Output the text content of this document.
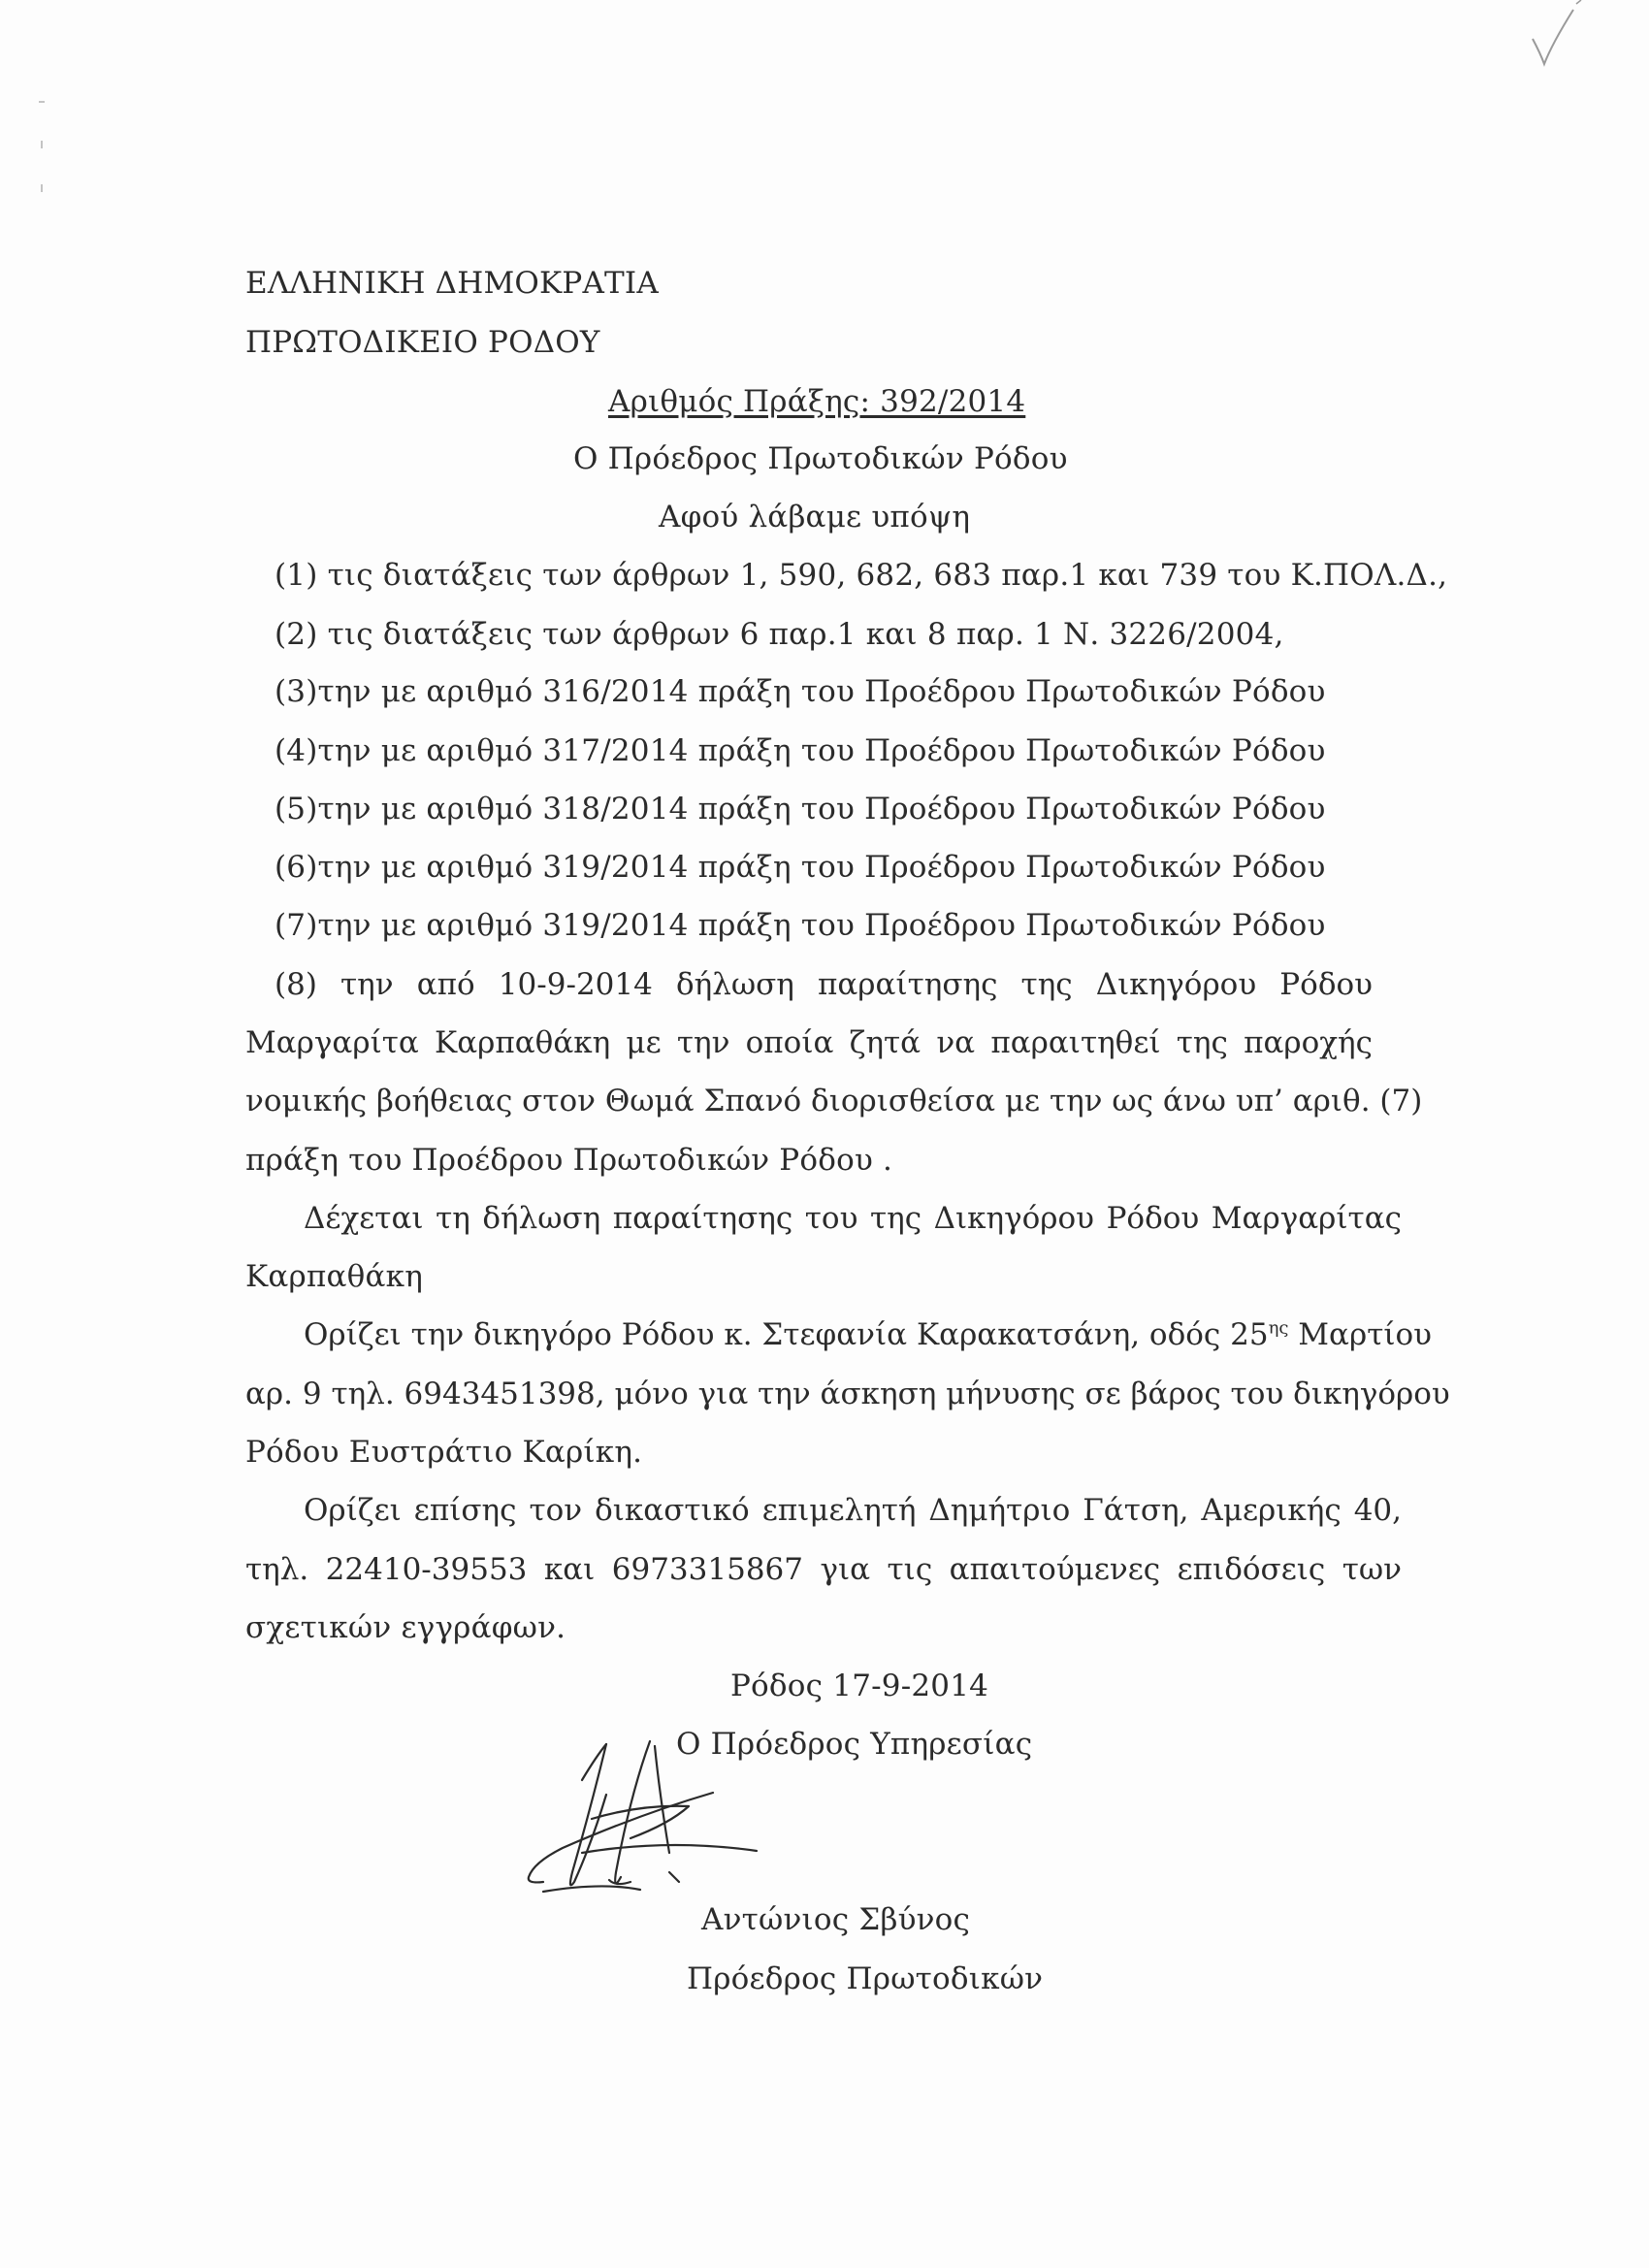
ΕΛΛΗΝΙΚΗ ΔΗΜΟΚΡΑΤΙΑ
ΠΡΩΤΟΔΙΚΕΙΟ ΡΟΔΟΥ
Αριθμός Πράξης: 392/2014
Ο Πρόεδρος Πρωτοδικών Ρόδου
Αφού λάβαμε υπόψη
(1) τις διατάξεις των άρθρων 1, 590, 682, 683 παρ.1 και 739 του Κ.ΠΟΛ.Δ.,
(2) τις διατάξεις των άρθρων 6 παρ.1 και 8 παρ. 1 Ν. 3226/2004,
(3)την με αριθμό 316/2014 πράξη του Προέδρου Πρωτοδικών Ρόδου
(4)την με αριθμό 317/2014 πράξη του Προέδρου Πρωτοδικών Ρόδου
(5)την με αριθμό 318/2014 πράξη του Προέδρου Πρωτοδικών Ρόδου
(6)την με αριθμό 319/2014 πράξη του Προέδρου Πρωτοδικών Ρόδου
(7)την με αριθμό 319/2014 πράξη του Προέδρου Πρωτοδικών Ρόδου
(8) την από 10-9-2014 δήλωση παραίτησης της Δικηγόρου Ρόδου
Μαργαρίτα Καρπαθάκη με την οποία ζητά να παραιτηθεί της παροχής
νομικής βοήθειας στον Θωμά Σπανό διορισθείσα με την ως άνω υπ’ αριθ. (7)
πράξη του Προέδρου Πρωτοδικών Ρόδου .
Δέχεται τη δήλωση παραίτησης του της Δικηγόρου Ρόδου Μαργαρίτας
Καρπαθάκη
Ορίζει την δικηγόρο Ρόδου κ. Στεφανία Καρακατσάνη, οδός $25^{\eta\varsigma}$ Μαρτίου
αρ. 9 τηλ. 6943451398, μόνο για την άσκηση μήνυσης σε βάρος του δικηγόρου
Ρόδου Ευστράτιο Καρίκη.
Ορίζει επίσης τον δικαστικό επιμελητή Δημήτριο Γάτση, Αμερικής 40,
τηλ. 22410-39553 και 6973315867 για τις απαιτούμενες επιδόσεις των
σχετικών εγγράφων.
Ρόδος 17-9-2014
Ο Πρόεδρος Υπηρεσίας
Αντώνιος Σβύνος
Πρόεδρος Πρωτοδικών
